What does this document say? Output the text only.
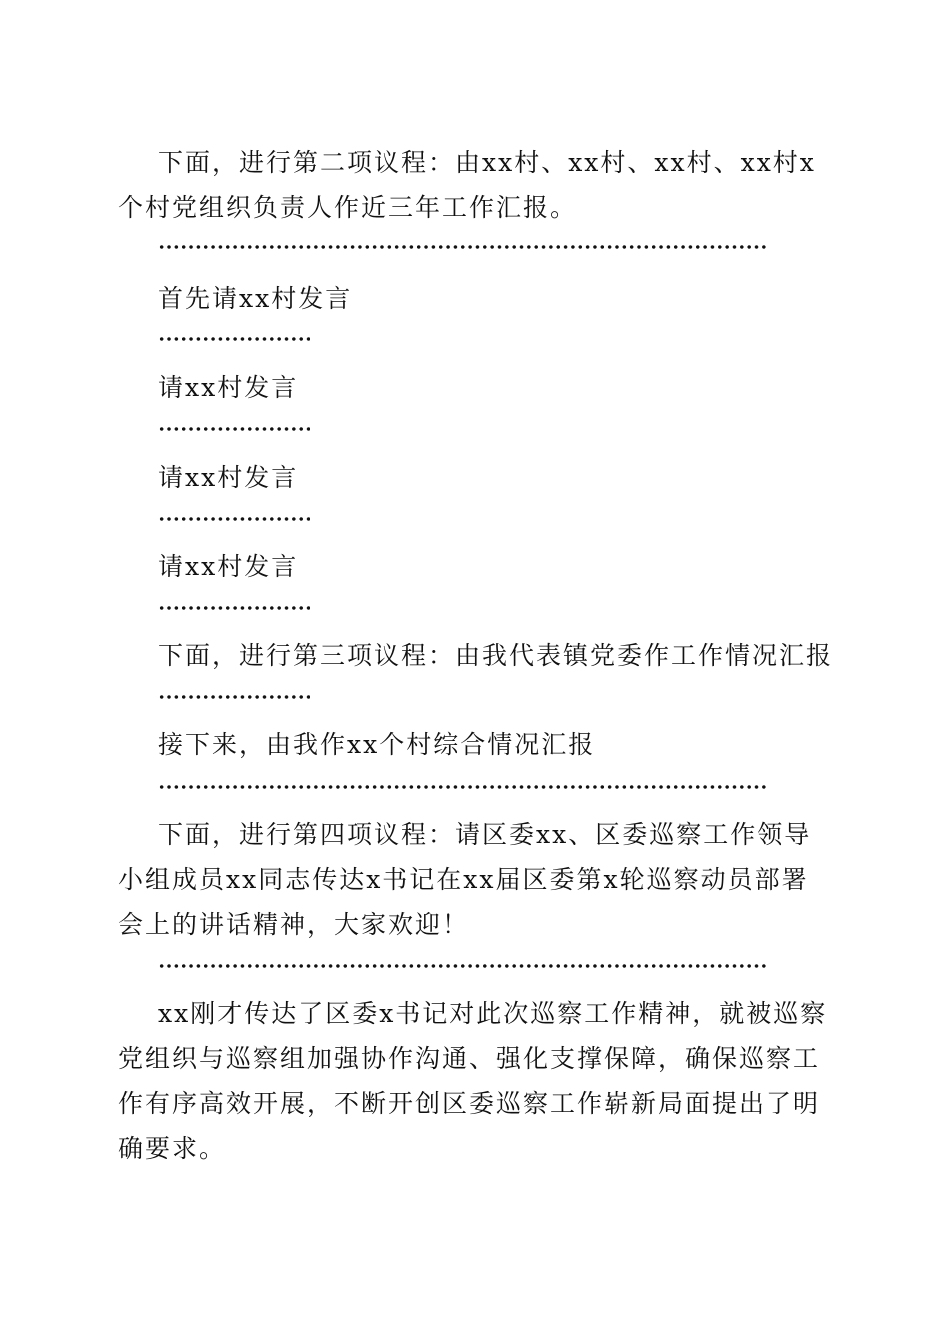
下面，进行第二项议程：由xx村、xx村、xx村、xx村x个村党组织负责人作近三年工作汇报。

首先请xx村发言

请xx村发言

请xx村发言

请xx村发言

下面，进行第三项议程：由我代表镇党委作工作情况汇报

接下来，由我作xx个村综合情况汇报

下面，进行第四项议程：请区委xx、区委巡察工作领导小组成员xx同志传达x书记在xx届区委第x轮巡察动员部署会上的讲话精神，大家欢迎！

xx刚才传达了区委x书记对此次巡察工作精神，就被巡察党组织与巡察组加强协作沟通、强化支撑保障，确保巡察工作有序高效开展，不断开创区委巡察工作崭新局面提出了明确要求。
